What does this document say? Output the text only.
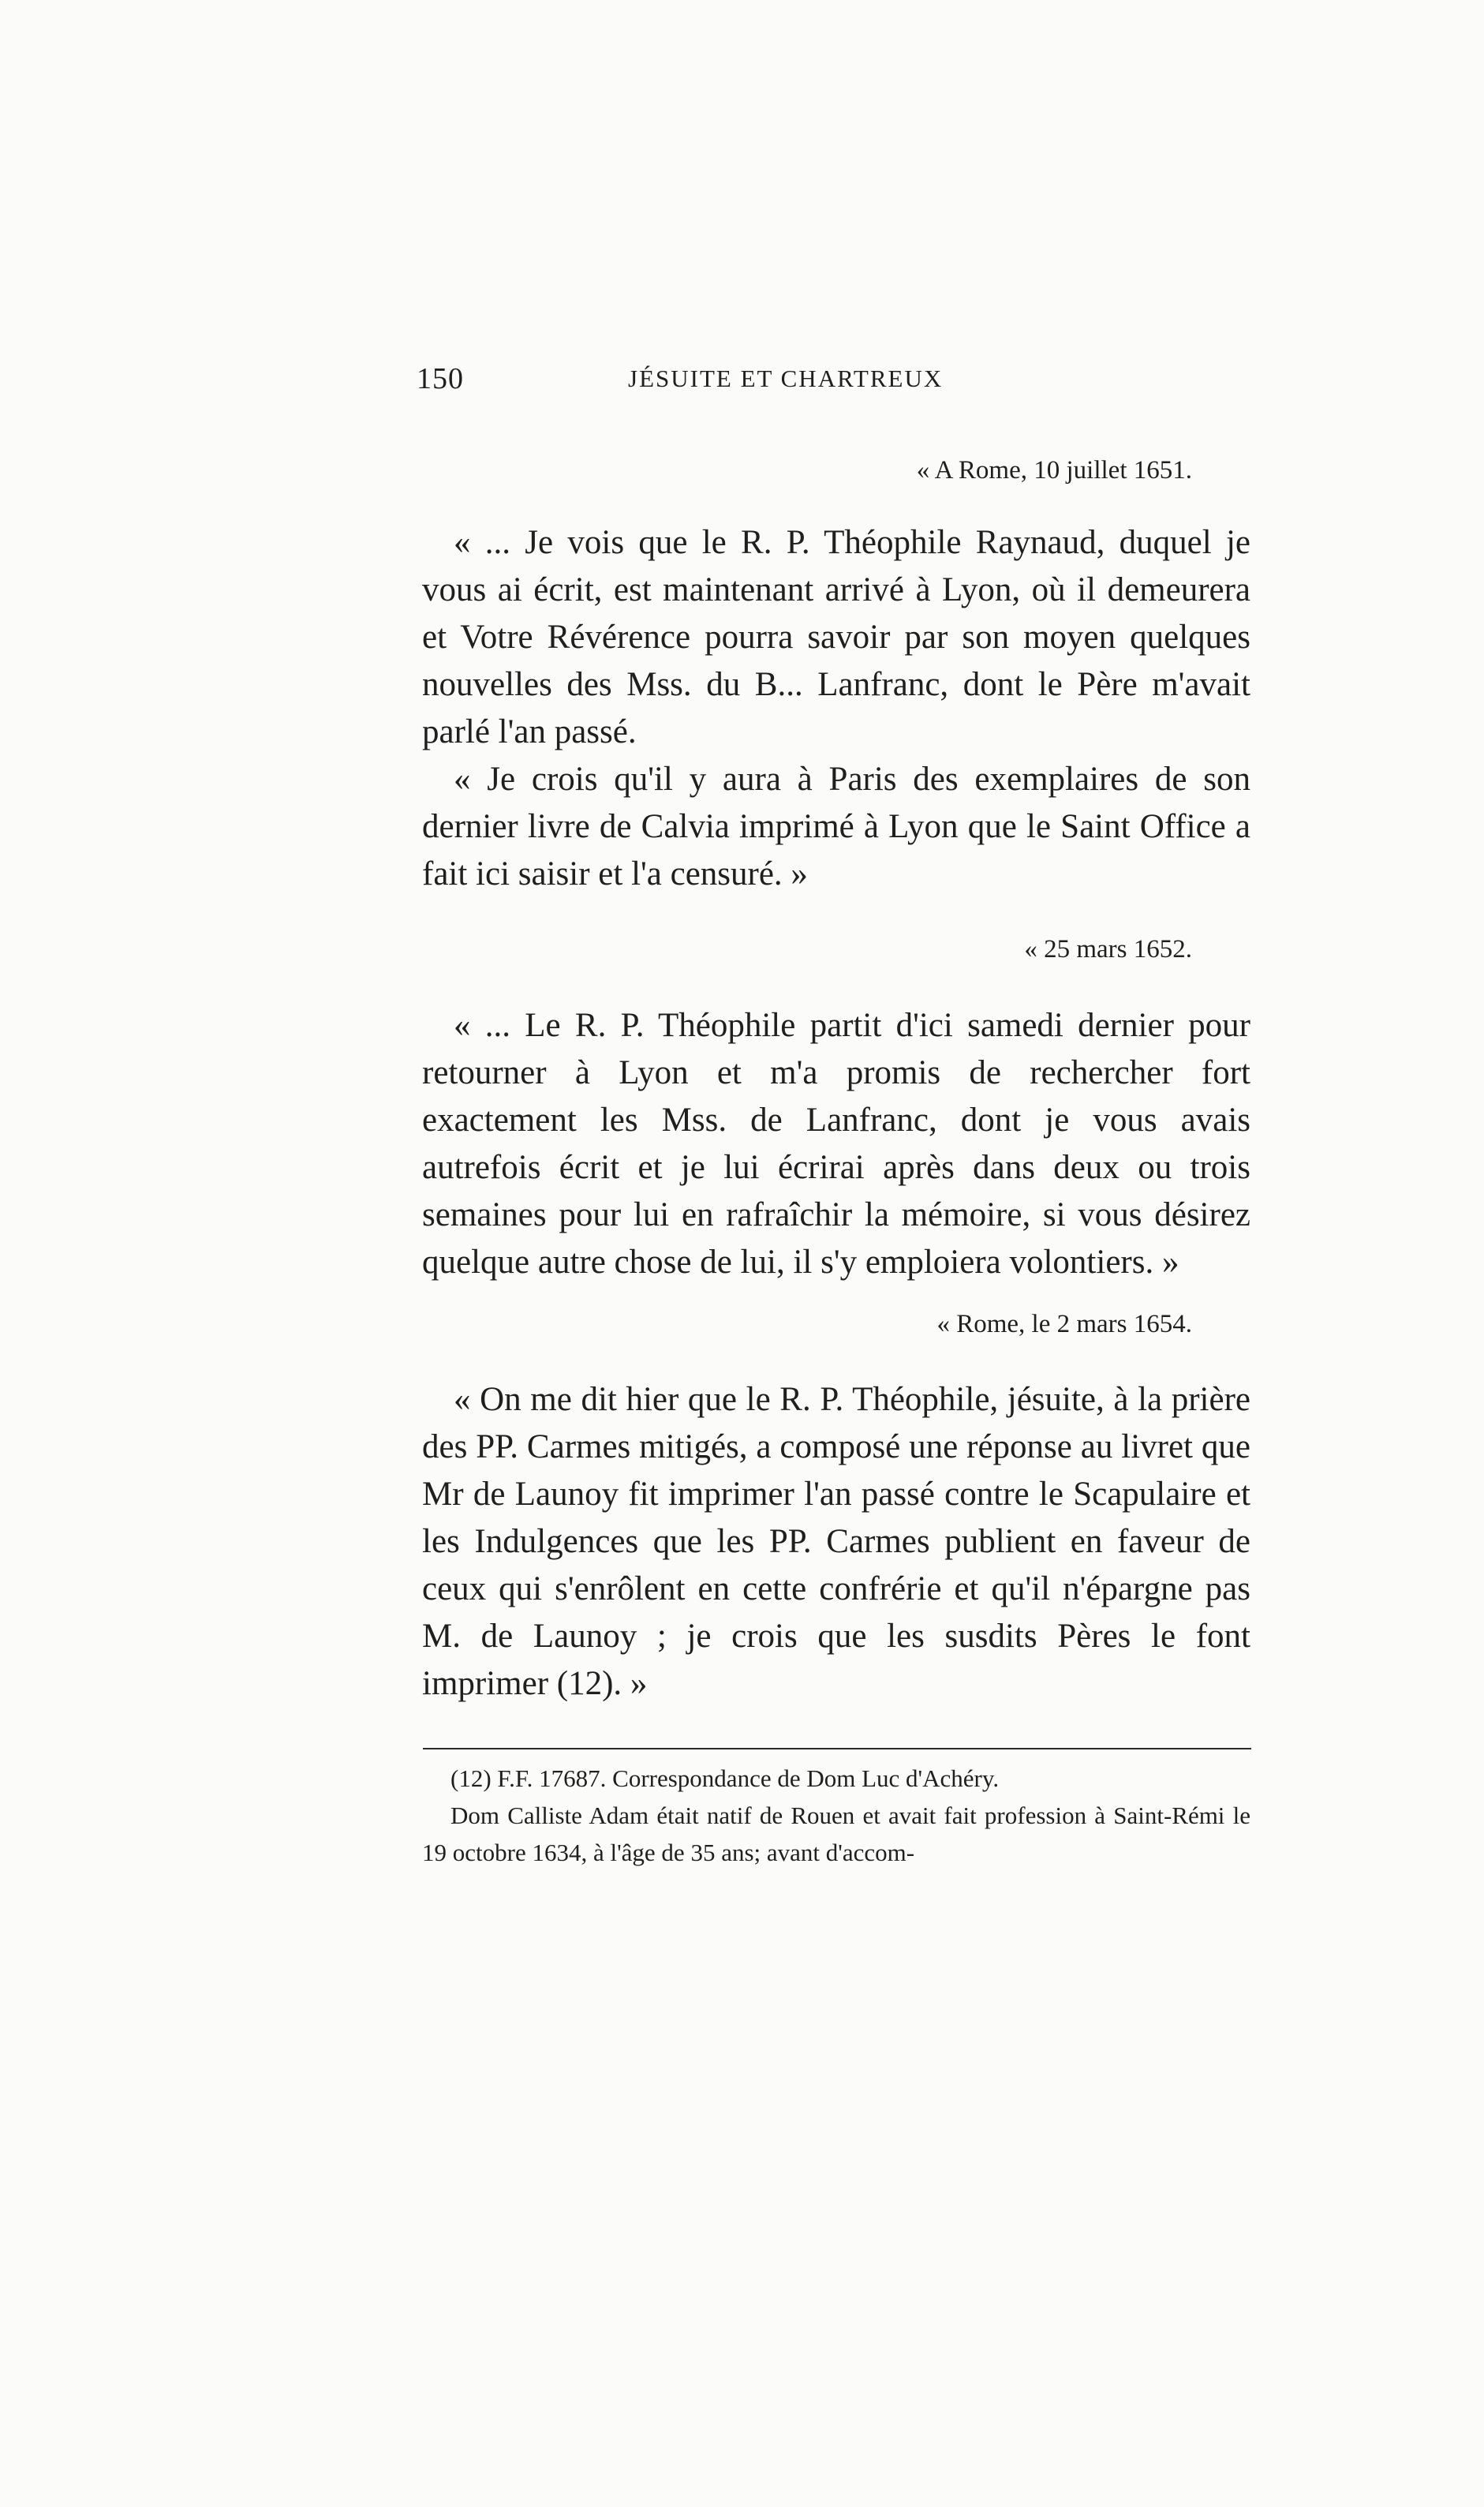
150	JÉSUITE ET CHARTREUX
« A Rome, 10 juillet 1651.

« ... Je vois que le R. P. Théophile Raynaud, duquel je vous ai écrit, est maintenant arrivé à Lyon, où il demeurera et Votre Révérence pourra savoir par son moyen quelques nouvelles des Mss. du B... Lanfranc, dont le Père m'avait parlé l'an passé.

« Je crois qu'il y aura à Paris des exemplaires de son dernier livre de Calvia imprimé à Lyon que le Saint Office a fait ici saisir et l'a censuré. »

« 25 mars 1652.

« ... Le R. P. Théophile partit d'ici samedi dernier pour retourner à Lyon et m'a promis de rechercher fort exactement les Mss. de Lanfranc, dont je vous avais autrefois écrit et je lui écrirai après dans deux ou trois semaines pour lui en rafraîchir la mémoire, si vous désirez quelque autre chose de lui, il s'y emploiera volontiers. »

« Rome, le 2 mars 1654.

« On me dit hier que le R. P. Théophile, jésuite, à la prière des PP. Carmes mitigés, a composé une réponse au livret que Mr de Launoy fit imprimer l'an passé contre le Scapulaire et les Indulgences que les PP. Carmes publient en faveur de ceux qui s'enrôlent en cette confrérie et qu'il n'épargne pas M. de Launoy ; je crois que les susdits Pères le font imprimer (12). »

(12) F.F. 17687. Correspondance de Dom Luc d'Achéry.

Dom Calliste Adam était natif de Rouen et avait fait profession à Saint-Rémi le 19 octobre 1634, à l'âge de 35 ans; avant d'accom-
